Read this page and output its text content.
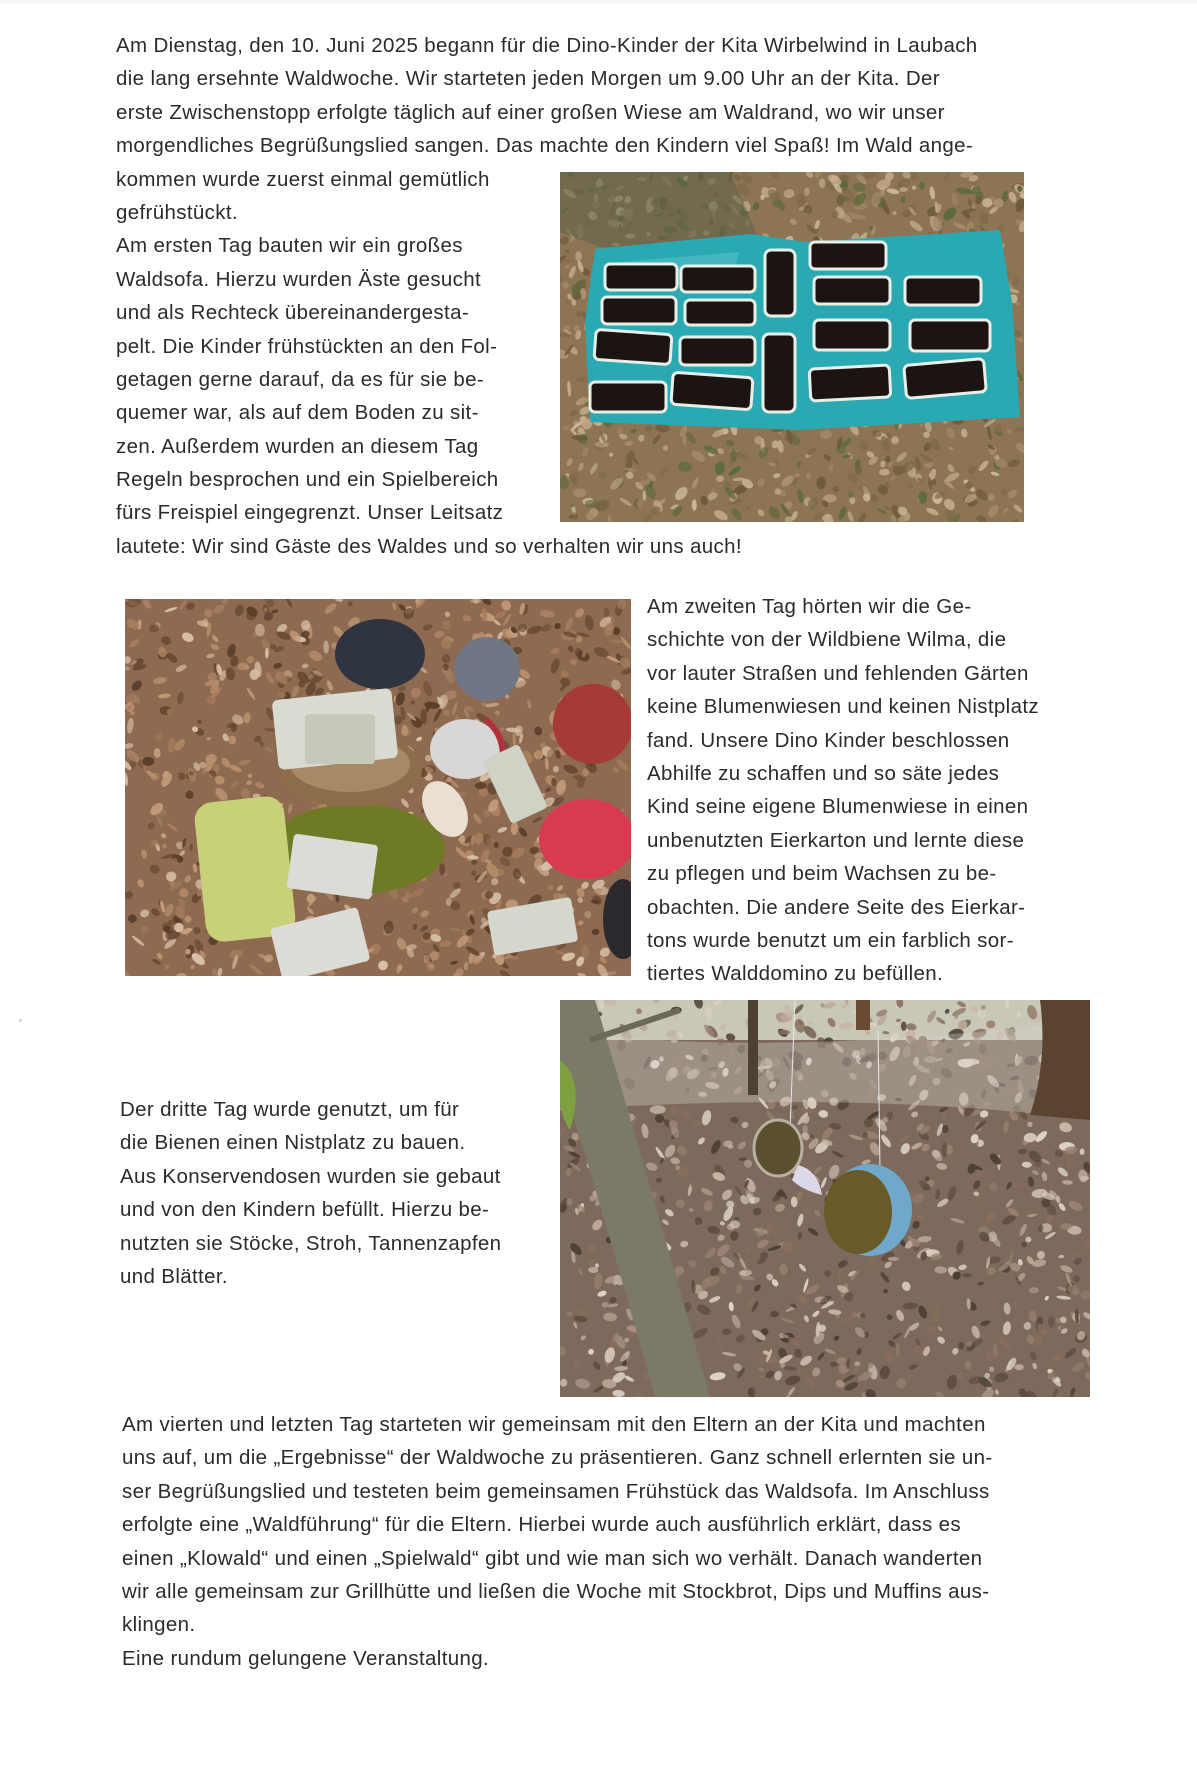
Am Dienstag, den 10. Juni 2025 begann für die Dino-Kinder der Kita Wirbelwind in Laubach
die lang ersehnte Waldwoche. Wir starteten jeden Morgen um 9.00 Uhr an der Kita. Der
erste Zwischenstopp erfolgte täglich auf einer großen Wiese am Waldrand, wo wir unser
morgendliches Begrüßungslied sangen. Das machte den Kindern viel Spaß! Im Wald ange-
kommen wurde zuerst einmal gemütlich
gefrühstückt.
Am ersten Tag bauten wir ein großes
Waldsofa. Hierzu wurden Äste gesucht
und als Rechteck übereinandergesta-
pelt. Die Kinder frühstückten an den Fol-
getagen gerne darauf, da es für sie be-
quemer war, als auf dem Boden zu sit-
zen. Außerdem wurden an diesem Tag
Regeln besprochen und ein Spielbereich
fürs Freispiel eingegrenzt. Unser Leitsatz
lautete: Wir sind Gäste des Waldes und so verhalten wir uns auch!
Am zweiten Tag hörten wir die Ge-
schichte von der Wildbiene Wilma, die
vor lauter Straßen und fehlenden Gärten
keine Blumenwiesen und keinen Nistplatz
fand. Unsere Dino Kinder beschlossen
Abhilfe zu schaffen und so säte jedes
Kind seine eigene Blumenwiese in einen
unbenutzten Eierkarton und lernte diese
zu pflegen und beim Wachsen zu be-
obachten. Die andere Seite des Eierkar-
tons wurde benutzt um ein farblich sor-
tiertes Walddomino zu befüllen.
Der dritte Tag wurde genutzt, um für
die Bienen einen Nistplatz zu bauen.
Aus Konservendosen wurden sie gebaut
und von den Kindern befüllt. Hierzu be-
nutzten sie Stöcke, Stroh, Tannenzapfen
und Blätter.
Am vierten und letzten Tag starteten wir gemeinsam mit den Eltern an der Kita und machten
uns auf, um die „Ergebnisse“ der Waldwoche zu präsentieren. Ganz schnell erlernten sie un-
ser Begrüßungslied und testeten beim gemeinsamen Frühstück das Waldsofa. Im Anschluss
erfolgte eine „Waldführung“ für die Eltern. Hierbei wurde auch ausführlich erklärt, dass es
einen „Klowald“ und einen „Spielwald“ gibt und wie man sich wo verhält. Danach wanderten
wir alle gemeinsam zur Grillhütte und ließen die Woche mit Stockbrot, Dips und Muffins aus-
klingen.
Eine rundum gelungene Veranstaltung.
